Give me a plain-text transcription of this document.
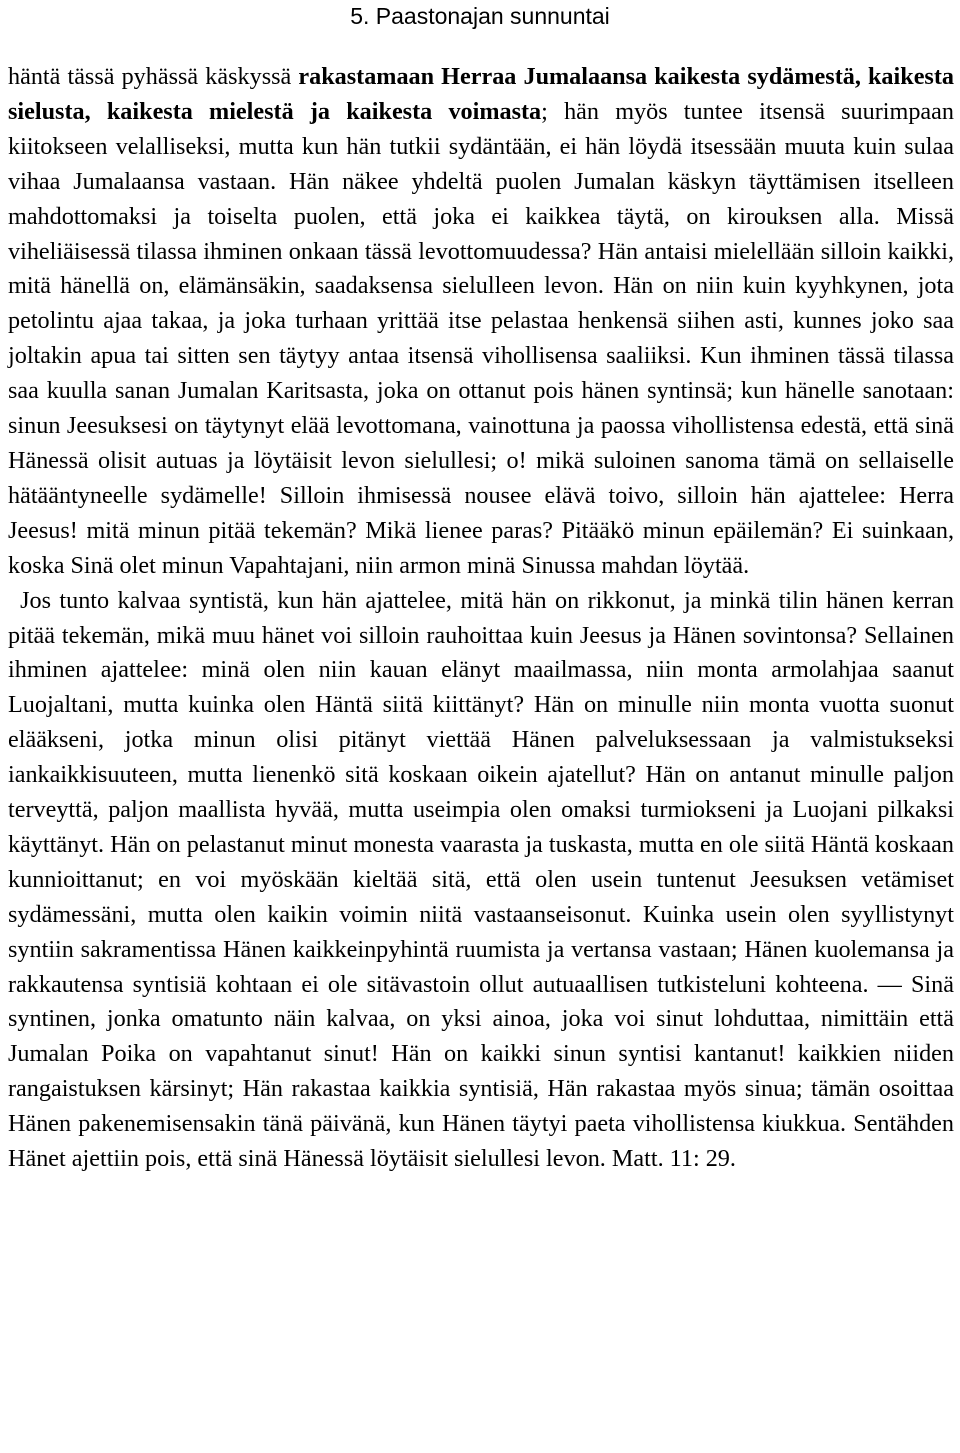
5. Paastonajan sunnuntai

häntä tässä pyhässä käskyssä rakastamaan Herraa Jumalaansa kaikesta sydämestä, kaikesta sielusta, kaikesta mielestä ja kaikesta voimasta; hän myös tuntee itsensä suurimpaan kiitokseen velalliseksi, mutta kun hän tutkii sydäntään, ei hän löydä itsessään muuta kuin sulaa vihaa Jumalaansa vastaan. Hän näkee yhdeltä puolen Jumalan käskyn täyttämisen itselleen mahdottomaksi ja toiselta puolen, että joka ei kaikkea täytä, on kirouksen alla. Missä viheliäisessä tilassa ihminen onkaan tässä levottomuudessa? Hän antaisi mielellään silloin kaikki, mitä hänellä on, elämänsäkin, saadaksensa sielulleen levon. Hän on niin kuin kyyhkynen, jota petolintu ajaa takaa, ja joka turhaan yrittää itse pelastaa henkensä siihen asti, kunnes joko saa joltakin apua tai sitten sen täytyy antaa itsensä vihollisensa saaliiksi. Kun ihminen tässä tilassa saa kuulla sanan Jumalan Karitsasta, joka on ottanut pois hänen syntinsä; kun hänelle sanotaan: sinun Jeesuksesi on täytynyt elää levottomana, vainottuna ja paossa vihollistensa edestä, että sinä Hänessä olisit autuas ja löytäisit levon sielullesi; o! mikä suloinen sanoma tämä on sellaiselle hätääntyneelle sydämelle! Silloin ihmisessä nousee elävä toivo, silloin hän ajattelee: Herra Jeesus! mitä minun pitää tekemän? Mikä lienee paras? Pitääkö minun epäilemän? Ei suinkaan, koska Sinä olet minun Vapahtajani, niin armon minä Sinussa mahdan löytää.

Jos tunto kalvaa syntistä, kun hän ajattelee, mitä hän on rikkonut, ja minkä tilin hänen kerran pitää tekemän, mikä muu hänet voi silloin rauhoittaa kuin Jeesus ja Hänen sovintonsa? Sellainen ihminen ajattelee: minä olen niin kauan elänyt maailmassa, niin monta armolahjaa saanut Luojaltani, mutta kuinka olen Häntä siitä kiittänyt? Hän on minulle niin monta vuotta suonut elääkseni, jotka minun olisi pitänyt viettää Hänen palveluksessaan ja valmistukseksi iankaikkisuuteen, mutta lienenkö sitä koskaan oikein ajatellut? Hän on antanut minulle paljon terveyttä, paljon maallista hyvää, mutta useimpia olen omaksi turmiokseni ja Luojani pilkaksi käyttänyt. Hän on pelastanut minut monesta vaarasta ja tuskasta, mutta en ole siitä Häntä koskaan kunnioittanut; en voi myöskään kieltää sitä, että olen usein tuntenut Jeesuksen vetämiset sydämessäni, mutta olen kaikin voimin niitä vastaanseisonut. Kuinka usein olen syyllistynyt syntiin sakramentissa Hänen kaikkeinpyhintä ruumista ja vertansa vastaan; Hänen kuolemansa ja rakkautensa syntisiä kohtaan ei ole sitävastoin ollut autuaallisen tutkisteluni kohteena. — Sinä syntinen, jonka omatunto näin kalvaa, on yksi ainoa, joka voi sinut lohduttaa, nimittäin että Jumalan Poika on vapahtanut sinut! Hän on kaikki sinun syntisi kantanut! kaikkien niiden rangaistuksen kärsinyt; Hän rakastaa kaikkia syntisiä, Hän rakastaa myös sinua; tämän osoittaa Hänen pakenemisensakin tänä päivänä, kun Hänen täytyi paeta vihollistensa kiukkua. Sentähden Hänet ajettiin pois, että sinä Hänessä löytäisit sielullesi levon. Matt. 11: 29.
